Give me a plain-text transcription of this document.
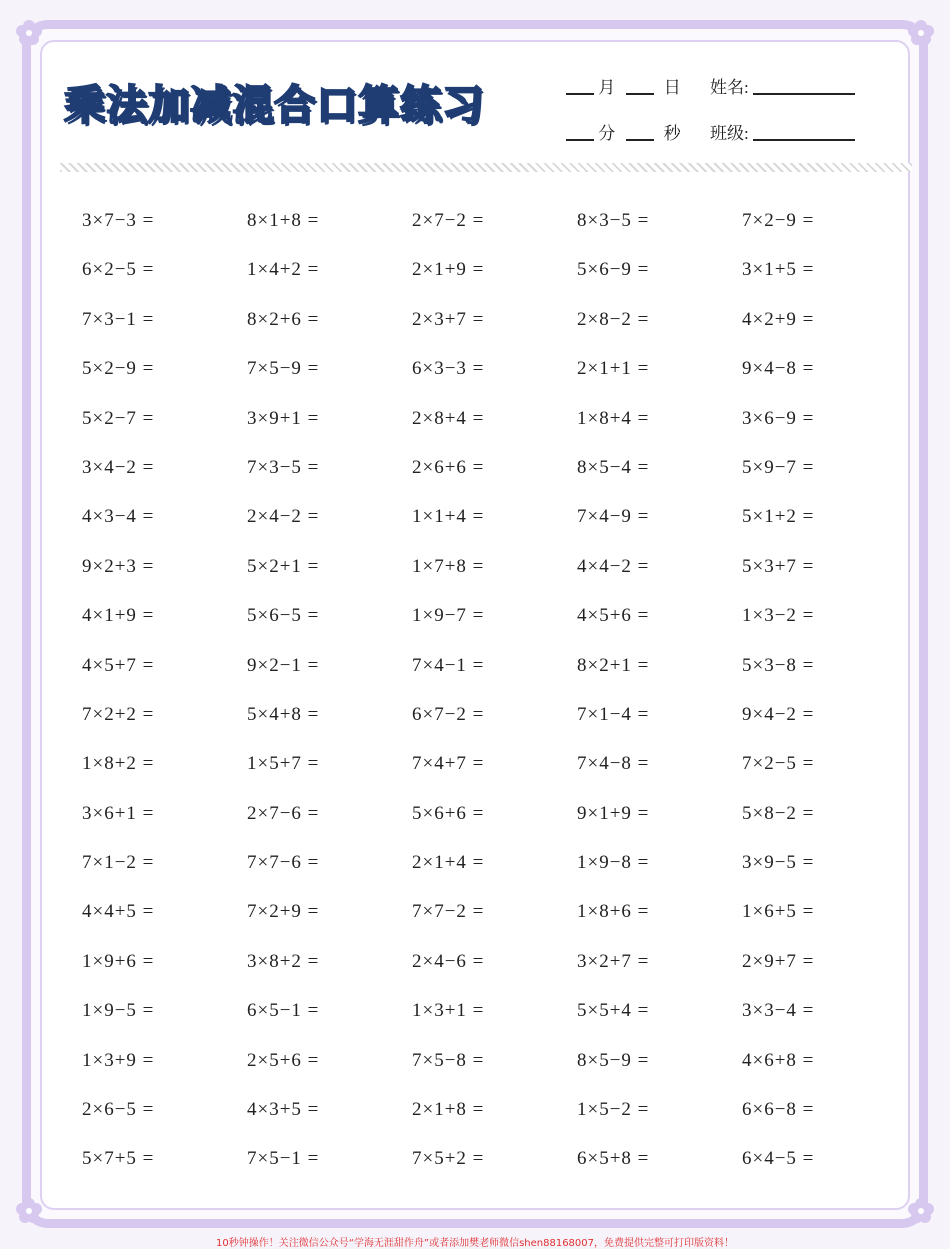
乘法加减混合口算练习	月	日
分	秒
姓名:
班级:
3×7−3 =	8×1+8 =	2×7−2 =	8×3−5 =	7×2−9 =
6×2−5 =	1×4+2 =	2×1+9 =	5×6−9 =	3×1+5 =
7×3−1 =	8×2+6 =	2×3+7 =	2×8−2 =	4×2+9 =
5×2−9 =	7×5−9 =	6×3−3 =	2×1+1 =	9×4−8 =
5×2−7 =	3×9+1 =	2×8+4 =	1×8+4 =	3×6−9 =
3×4−2 =	7×3−5 =	2×6+6 =	8×5−4 =	5×9−7 =
4×3−4 =	2×4−2 =	1×1+4 =	7×4−9 =	5×1+2 =
9×2+3 =	5×2+1 =	1×7+8 =	4×4−2 =	5×3+7 =
4×1+9 =	5×6−5 =	1×9−7 =	4×5+6 =	1×3−2 =
4×5+7 =	9×2−1 =	7×4−1 =	8×2+1 =	5×3−8 =
7×2+2 =	5×4+8 =	6×7−2 =	7×1−4 =	9×4−2 =
1×8+2 =	1×5+7 =	7×4+7 =	7×4−8 =	7×2−5 =
3×6+1 =	2×7−6 =	5×6+6 =	9×1+9 =	5×8−2 =
7×1−2 =	7×7−6 =	2×1+4 =	1×9−8 =	3×9−5 =
4×4+5 =	7×2+9 =	7×7−2 =	1×8+6 =	1×6+5 =
1×9+6 =	3×8+2 =	2×4−6 =	3×2+7 =	2×9+7 =
1×9−5 =	6×5−1 =	1×3+1 =	5×5+4 =	3×3−4 =
1×3+9 =	2×5+6 =	7×5−8 =	8×5−9 =	4×6+8 =
2×6−5 =	4×3+5 =	2×1+8 =	1×5−2 =	6×6−8 =
5×7+5 =	7×5−1 =	7×5+2 =	6×5+8 =	6×4−5 =
10秒钟操作！关注微信公众号“学海无涯甜作舟”或者添加樊老师微信shen88168007，免费提供完整可打印版资料！
